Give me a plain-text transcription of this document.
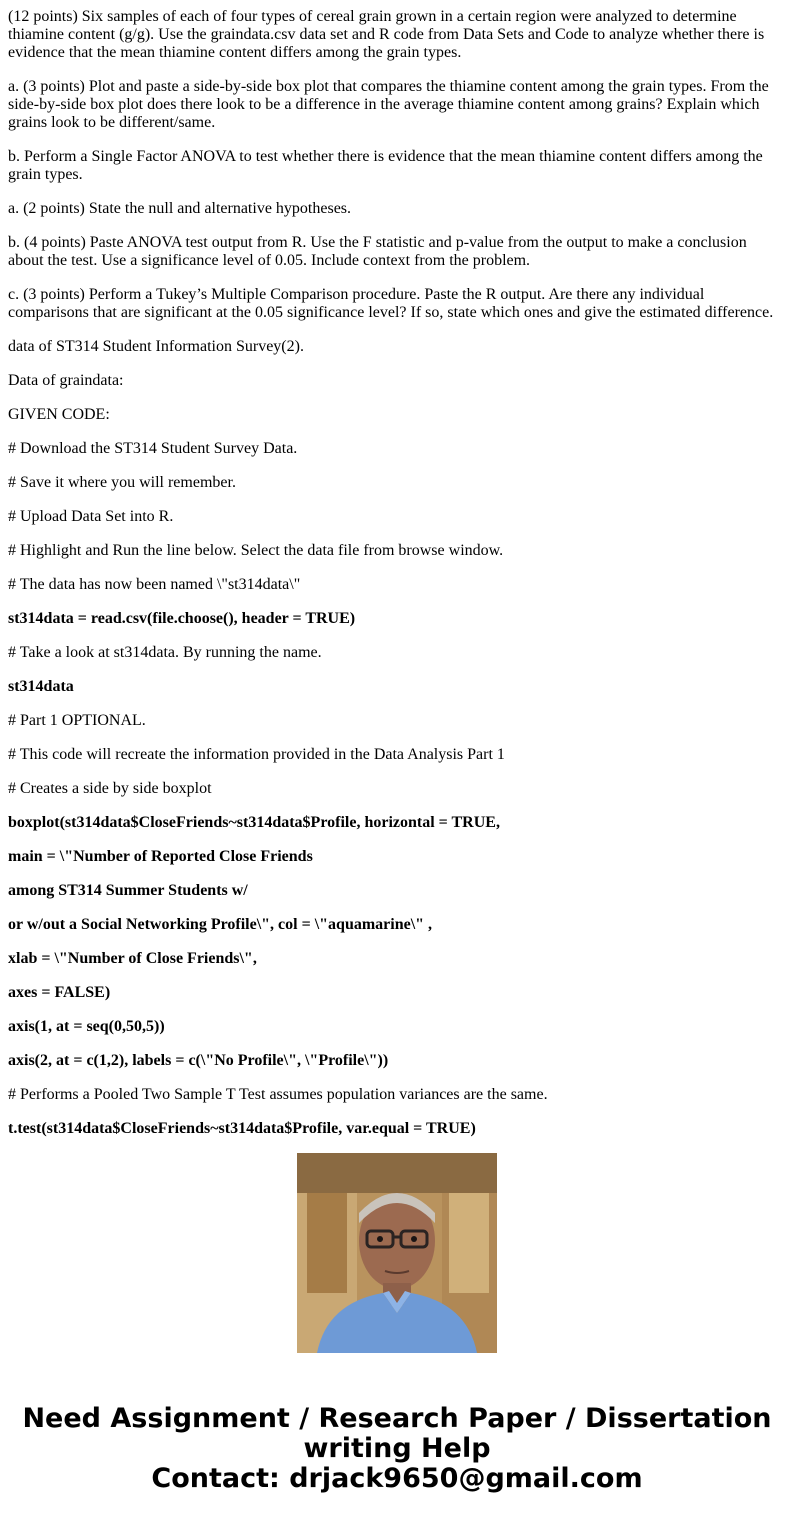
(12 points) Six samples of each of four types of cereal grain grown in a certain region were analyzed to determine thiamine content (g/g). Use the graindata.csv data set and R code from Data Sets and Code to analyze whether there is evidence that the mean thiamine content differs among the grain types.

a. (3 points) Plot and paste a side-by-side box plot that compares the thiamine content among the grain types. From the side-by-side box plot does there look to be a difference in the average thiamine content among grains? Explain which grains look to be different/same.

b. Perform a Single Factor ANOVA to test whether there is evidence that the mean thiamine content differs among the grain types.

a. (2 points) State the null and alternative hypotheses.

b. (4 points) Paste ANOVA test output from R. Use the F statistic and p-value from the output to make a conclusion about the test. Use a significance level of 0.05. Include context from the problem.

c. (3 points) Perform a Tukey’s Multiple Comparison procedure. Paste the R output. Are there any individual comparisons that are significant at the 0.05 significance level? If so, state which ones and give the estimated difference.

data of ST314 Student Information Survey(2).

Data of graindata:

GIVEN CODE:

# Download the ST314 Student Survey Data.

# Save it where you will remember.

# Upload Data Set into R.

# Highlight and Run the line below. Select the data file from browse window.

# The data has now been named \"st314data\"

st314data = read.csv(file.choose(), header = TRUE)

# Take a look at st314data. By running the name.

st314data

# Part 1 OPTIONAL.

# This code will recreate the information provided in the Data Analysis Part 1

# Creates a side by side boxplot

boxplot(st314data$CloseFriends~st314data$Profile, horizontal = TRUE,

main = \"Number of Reported Close Friends

among ST314 Summer Students w/

or w/out a Social Networking Profile\", col = \"aquamarine\" ,

xlab = \"Number of Close Friends\",

axes = FALSE)

axis(1, at = seq(0,50,5))

axis(2, at = c(1,2), labels = c(\"No Profile\", \"Profile\"))

# Performs a Pooled Two Sample T Test assumes population variances are the same.

t.test(st314data$CloseFriends~st314data$Profile, var.equal = TRUE)

Need Assignment / Research Paper / Dissertation
writing Help
Contact: drjack9650@gmail.com
